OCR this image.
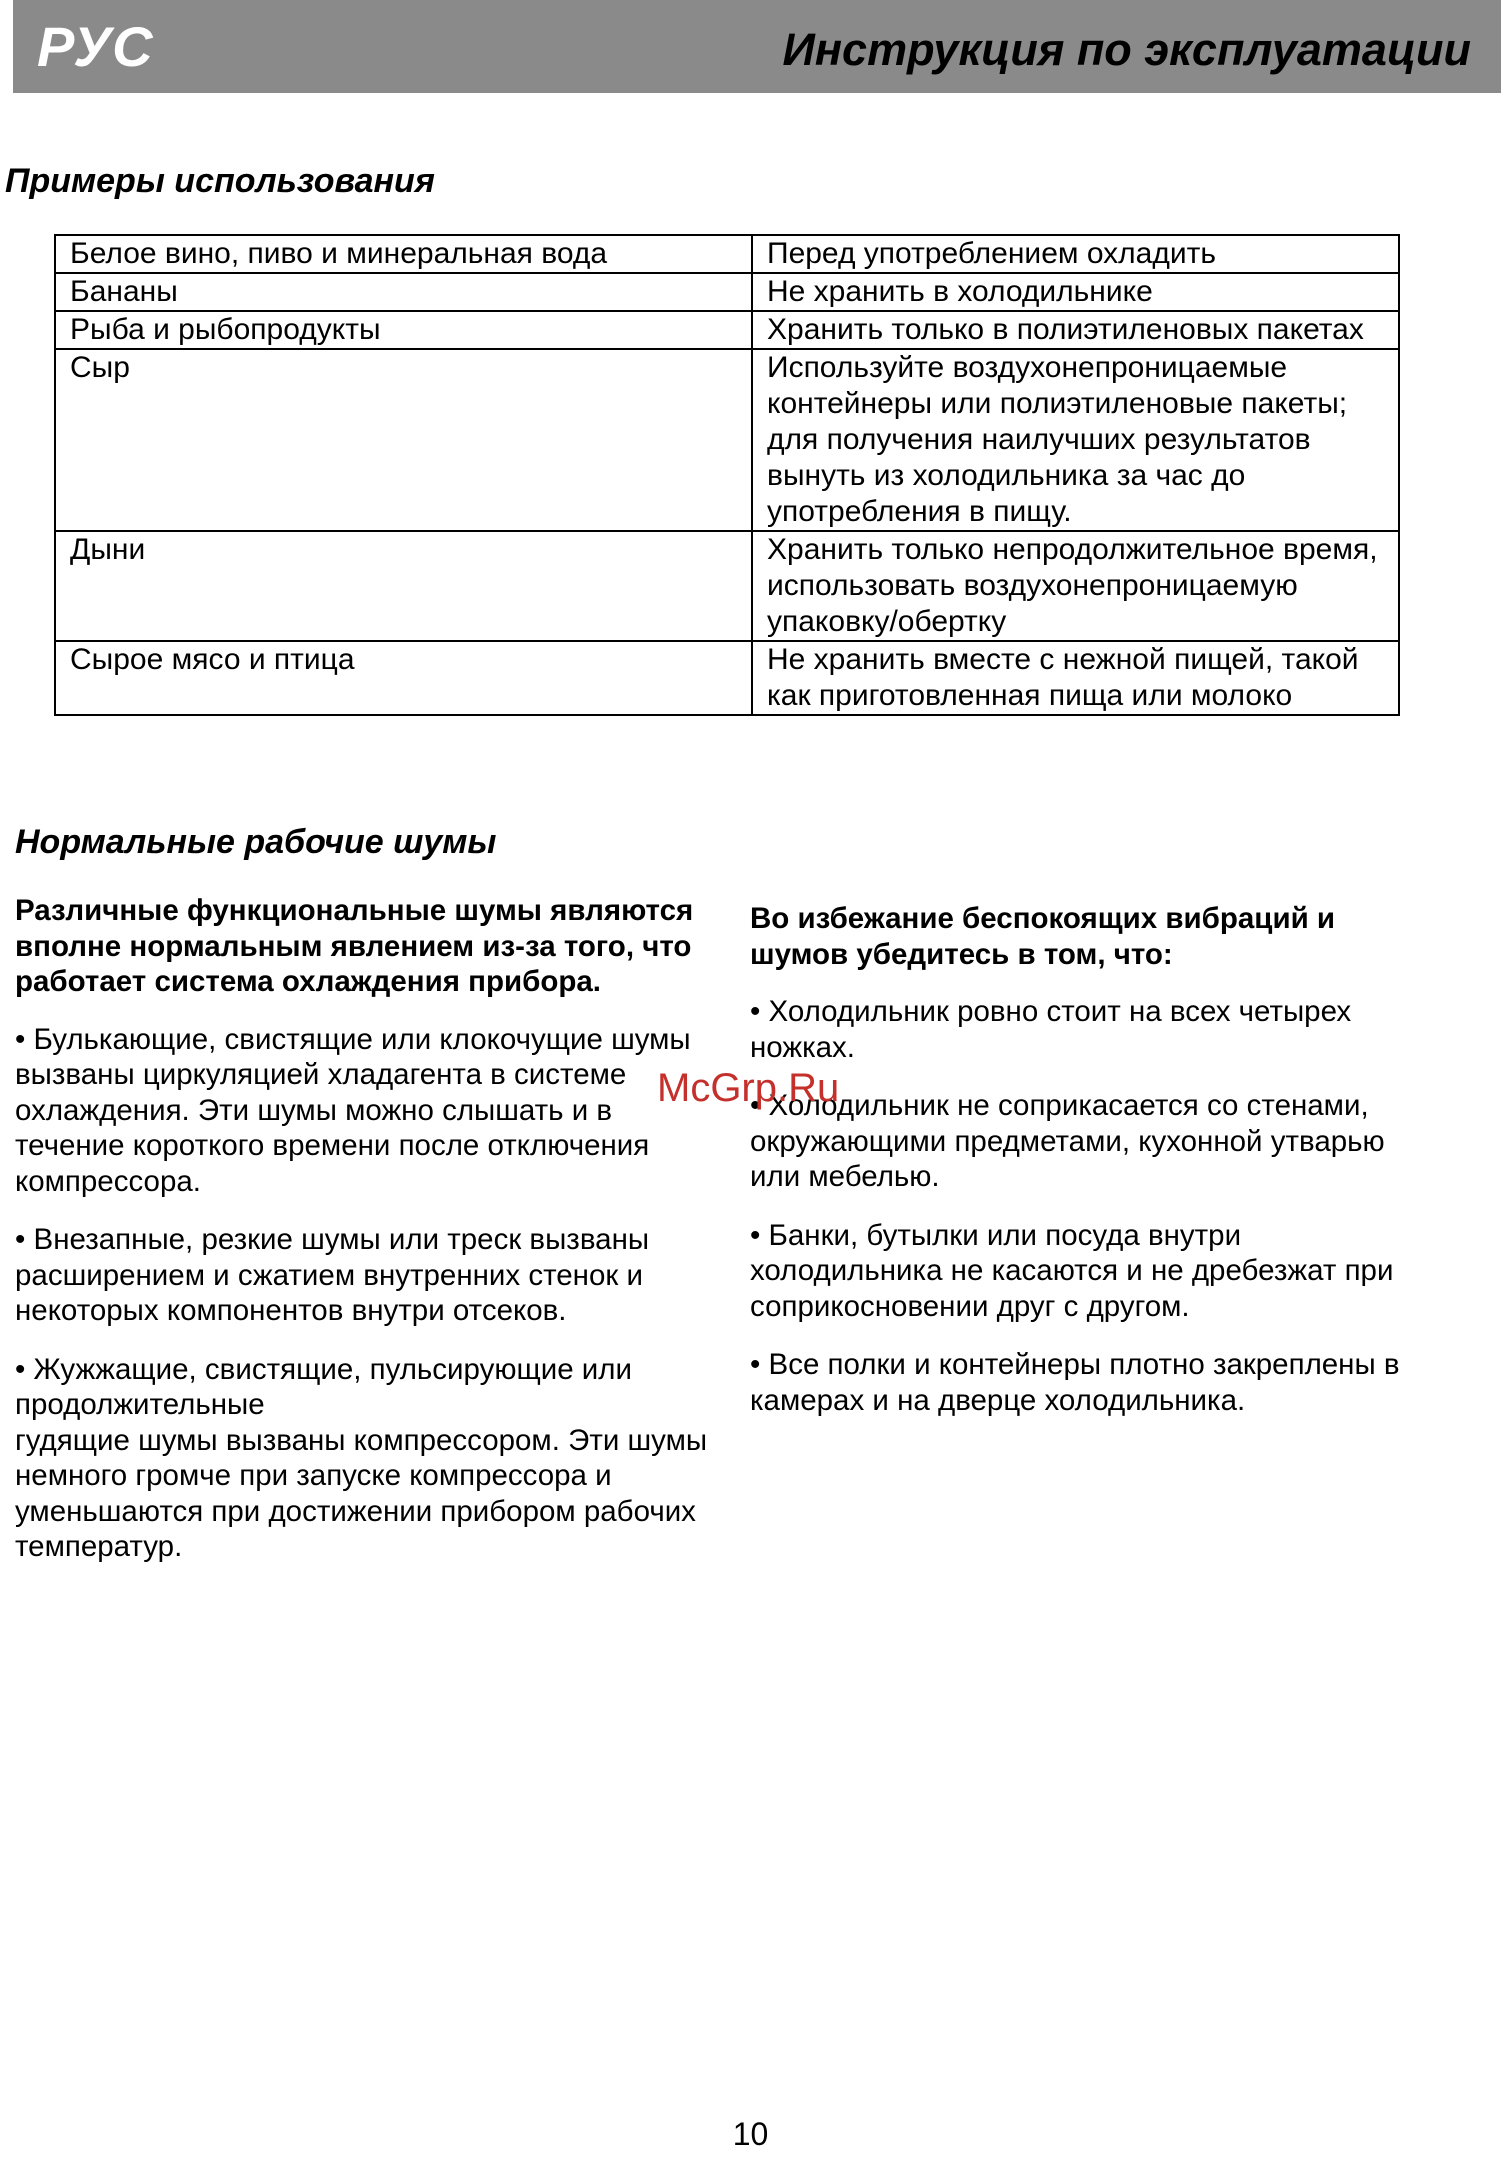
РУС	Инструкция по эксплуатации
Примеры использования
Белое вино, пиво и минеральная вода	Перед употреблением охладить
Бананы	Не хранить в холодильнике
Рыба и рыбопродукты	Хранить только в полиэтиленовых пакетах
Сыр	Используйте воздухонепроницаемые контейнеры или полиэтиленовые пакеты; для получения наилучших результатов вынуть из холодильника за час до употребления в пищу.
Дыни	Хранить только непродолжительное время, использовать воздухонепроницаемую упаковку/обертку
Сырое мясо и птица	Не хранить вместе с нежной пищей, такой как приготовленная пища или молоко
Нормальные рабочие шумы

Различные функциональные шумы являются вполне нормальным явлением из-за того, что работает система охлаждения прибора.

• Булькающие, свистящие или клокочущие шумы вызваны циркуляцией хладагента в системе охлаждения. Эти шумы можно слышать и в течение короткого времени после отключения компрессора.

• Внезапные, резкие шумы или треск вызваны расширением и сжатием внутренних стенок и некоторых компонентов внутри отсеков.

• Жужжащие, свистящие, пульсирующие или продолжительные

гудящие шумы вызваны компрессором. Эти шумы немного громче при запуске компрессора и уменьшаются при достижении прибором рабочих температур.

Во избежание беспокоящих вибраций и шумов убедитесь в том, что:

• Холодильник ровно стоит на всех четырех ножках.

• Холодильник не соприкасается со стенами, окружающими предметами, кухонной утварью или мебелью.

• Банки, бутылки или посуда внутри холодильника не касаются и не дребезжат при соприкосновении друг с другом.

• Все полки и контейнеры плотно закреплены в камерах и на дверце холодильника.

McGrp.Ru
10
